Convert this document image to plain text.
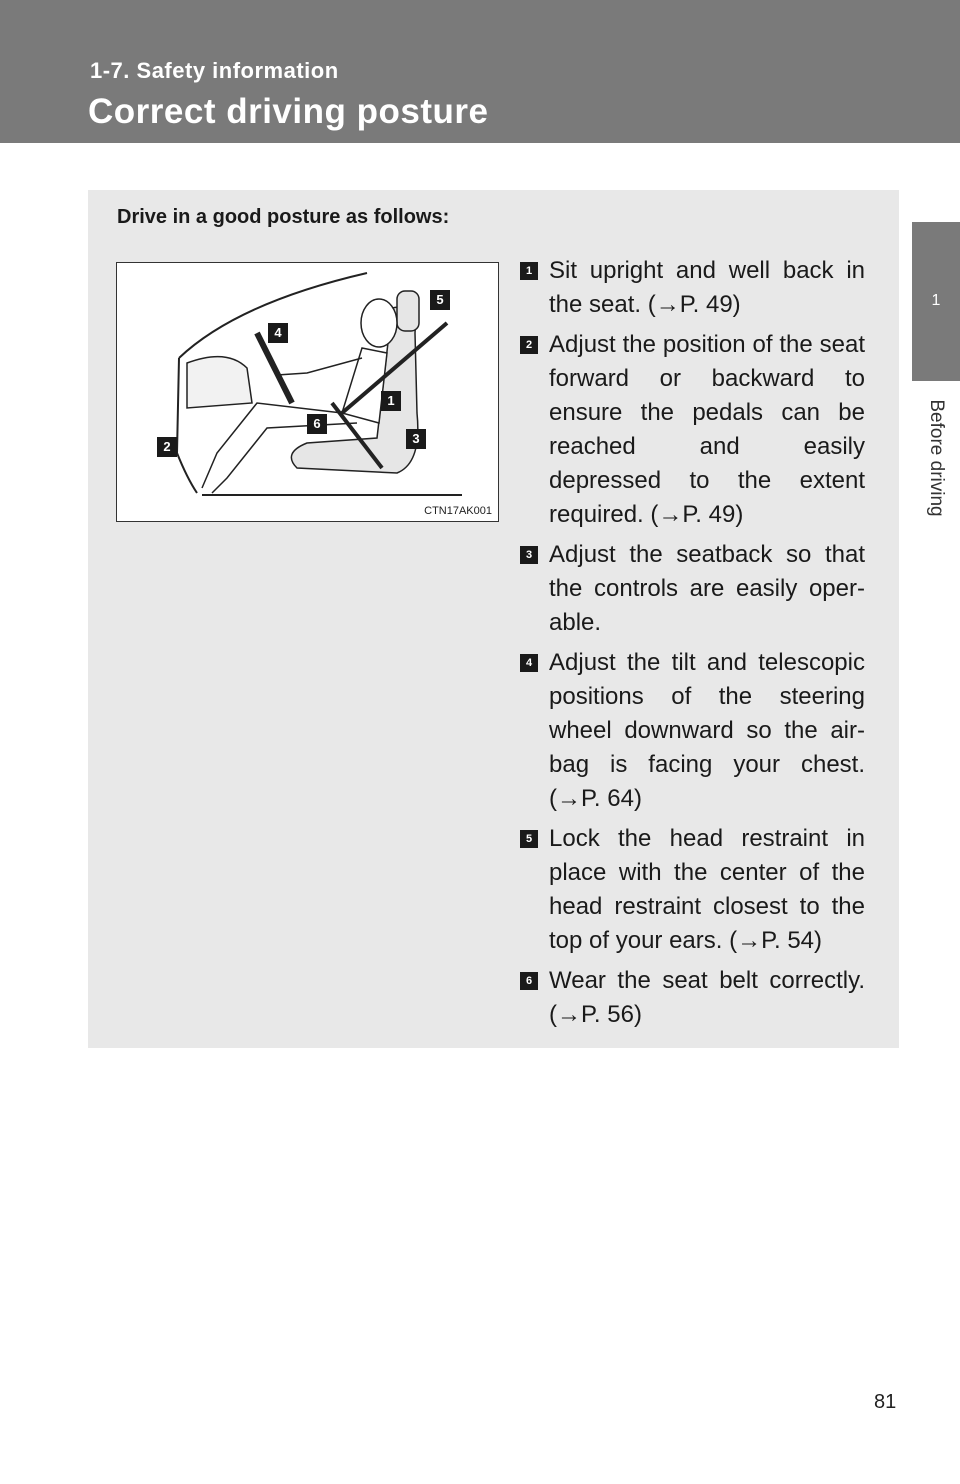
1-7. Safety information
Correct driving posture
1
Before driving
Drive in a good posture as follows:
1
2
3
4
5
6
CTN17AK001
1 Sit upright and well back in the seat. (→P. 49)
2 Adjust the position of the seat forward or backward to ensure the pedals can be reached and easily depressed to the extent required. (→P. 49)
3 Adjust the seatback so that the controls are easily oper-able.
4 Adjust the tilt and telescopic positions of the steering wheel downward so the air-bag is facing your chest. (→P. 64)
5 Lock the head restraint in place with the center of the head restraint closest to the top of your ears. (→P. 54)
6 Wear the seat belt correctly. (→P. 56)
81
